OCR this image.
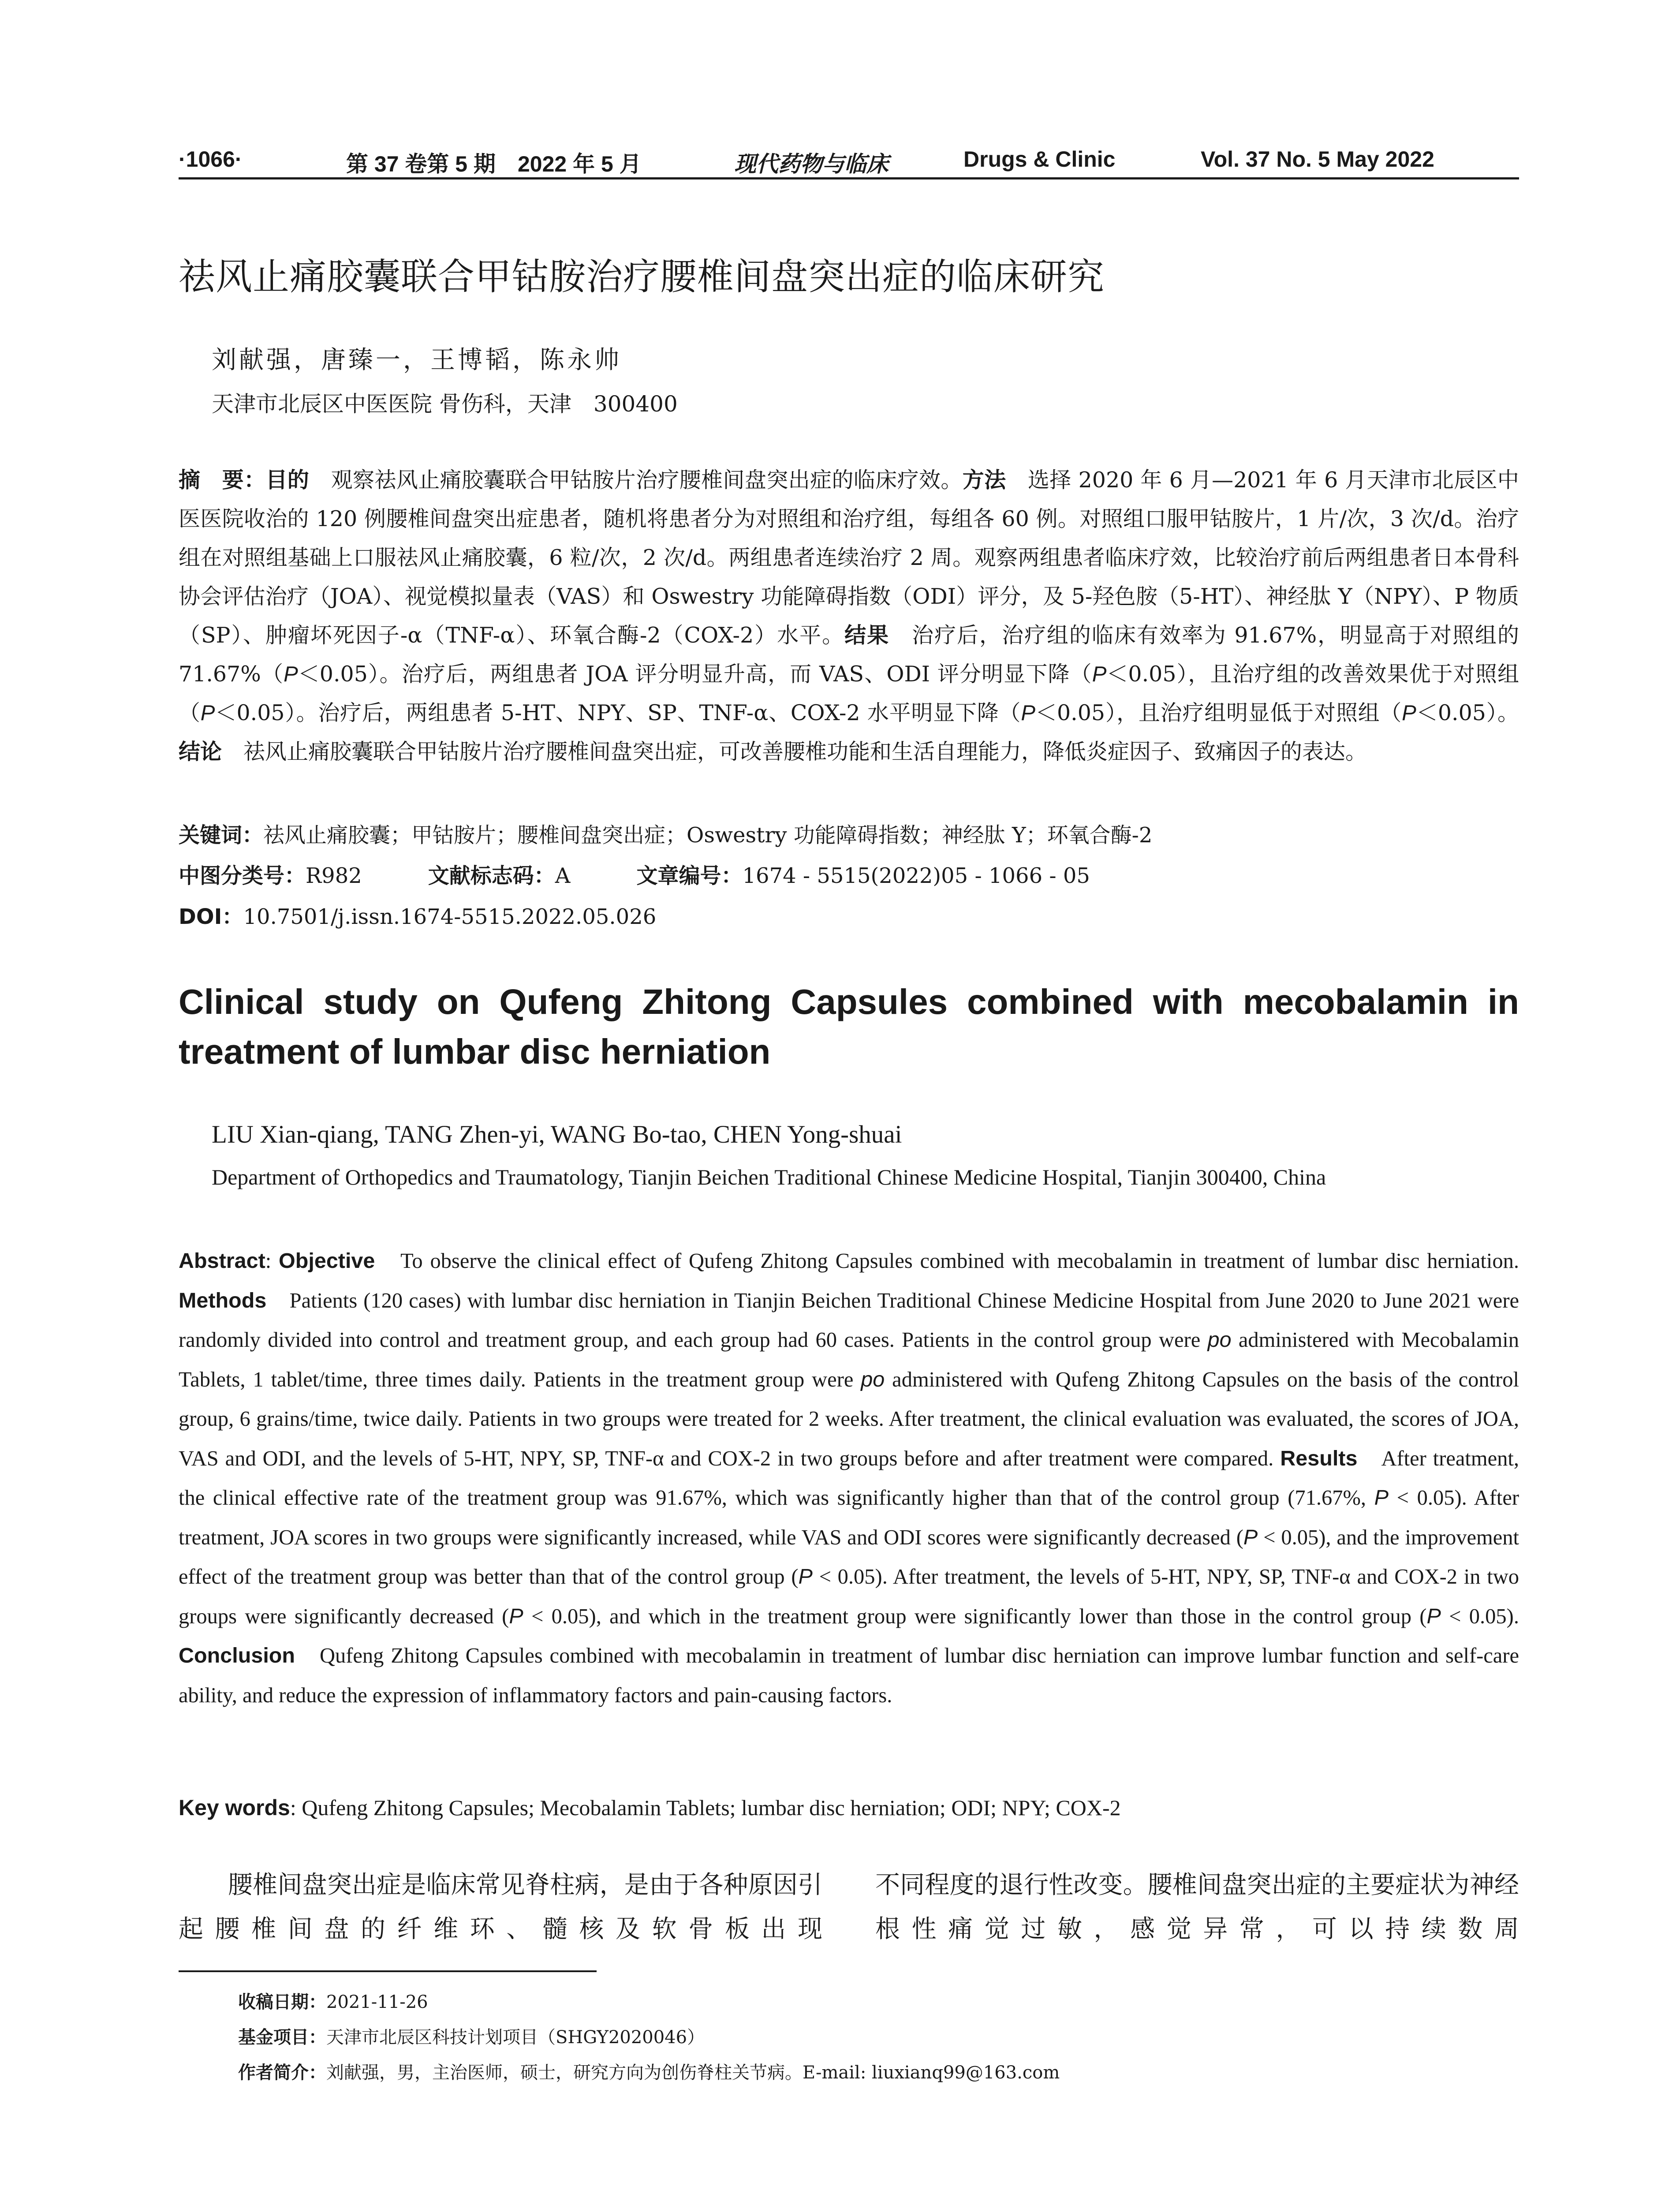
·1066·	第 37 卷第 5 期　2022 年 5 月	现代药物与临床	Drugs & Clinic	Vol. 37 No. 5 May 2022
祛风止痛胶囊联合甲钴胺治疗腰椎间盘突出症的临床研究
刘献强，唐臻一，王博韬，陈永帅
天津市北辰区中医医院 骨伤科，天津　300400
摘　要：目的　观察祛风止痛胶囊联合甲钴胺片治疗腰椎间盘突出症的临床疗效。方法　选择 2020 年 6 月—2021 年 6 月天津市北辰区中医医院收治的 120 例腰椎间盘突出症患者，随机将患者分为对照组和治疗组，每组各 60 例。对照组口服甲钴胺片，1 片/次，3 次/d。治疗组在对照组基础上口服祛风止痛胶囊，6 粒/次，2 次/d。两组患者连续治疗 2 周。观察两组患者临床疗效，比较治疗前后两组患者日本骨科协会评估治疗（JOA）、视觉模拟量表（VAS）和 Oswestry 功能障碍指数（ODI）评分，及 5-羟色胺（5-HT）、神经肽 Y（NPY）、P 物质（SP）、肿瘤坏死因子-α（TNF-α）、环氧合酶-2（COX-2）水平。结果　治疗后，治疗组的临床有效率为 91.67%，明显高于对照组的 71.67%（P＜0.05）。治疗后，两组患者 JOA 评分明显升高，而 VAS、ODI 评分明显下降（P＜0.05），且治疗组的改善效果优于对照组（P＜0.05）。治疗后，两组患者 5-HT、NPY、SP、TNF-α、COX-2 水平明显下降（P＜0.05），且治疗组明显低于对照组（P＜0.05）。结论　祛风止痛胶囊联合甲钴胺片治疗腰椎间盘突出症，可改善腰椎功能和生活自理能力，降低炎症因子、致痛因子的表达。
关键词：祛风止痛胶囊；甲钴胺片；腰椎间盘突出症；Oswestry 功能障碍指数；神经肽 Y；环氧合酶-2
中图分类号：R982	文献标志码：A	文章编号：1674 - 5515(2022)05 - 1066 - 05
DOI：10.7501/j.issn.1674-5515.2022.05.026
Clinical study on Qufeng Zhitong Capsules combined with mecobalamin in treatment of lumbar disc herniation
LIU Xian-qiang, TANG Zhen-yi, WANG Bo-tao, CHEN Yong-shuai
Department of Orthopedics and Traumatology, Tianjin Beichen Traditional Chinese Medicine Hospital, Tianjin 300400, China
Abstract: Objective　To observe the clinical effect of Qufeng Zhitong Capsules combined with mecobalamin in treatment of lumbar disc herniation. Methods　Patients (120 cases) with lumbar disc herniation in Tianjin Beichen Traditional Chinese Medicine Hospital from June 2020 to June 2021 were randomly divided into control and treatment group, and each group had 60 cases. Patients in the control group were po administered with Mecobalamin Tablets, 1 tablet/time, three times daily. Patients in the treatment group were po administered with Qufeng Zhitong Capsules on the basis of the control group, 6 grains/time, twice daily. Patients in two groups were treated for 2 weeks. After treatment, the clinical evaluation was evaluated, the scores of JOA, VAS and ODI, and the levels of 5-HT, NPY, SP, TNF-α and COX-2 in two groups before and after treatment were compared. Results　After treatment, the clinical effective rate of the treatment group was 91.67%, which was significantly higher than that of the control group (71.67%, P < 0.05). After treatment, JOA scores in two groups were significantly increased, while VAS and ODI scores were significantly decreased (P < 0.05), and the improvement effect of the treatment group was better than that of the control group (P < 0.05). After treatment, the levels of 5-HT, NPY, SP, TNF-α and COX-2 in two groups were significantly decreased (P < 0.05), and which in the treatment group were significantly lower than those in the control group (P < 0.05). Conclusion　Qufeng Zhitong Capsules combined with mecobalamin in treatment of lumbar disc herniation can improve lumbar function and self-care ability, and reduce the expression of inflammatory factors and pain-causing factors.
Key words: Qufeng Zhitong Capsules; Mecobalamin Tablets; lumbar disc herniation; ODI; NPY; COX-2
腰椎间盘突出症是临床常见脊柱病，是由于各种原因引起腰椎间盘的纤维环、髓核及软骨板出现
不同程度的退行性改变。腰椎间盘突出症的主要症状为神经根性痛觉过敏，感觉异常，可以持续数周
收稿日期：2021-11-26
基金项目：天津市北辰区科技计划项目（SHGY2020046）
作者简介：刘献强，男，主治医师，硕士，研究方向为创伤脊柱关节病。E-mail: liuxianq99@163.com
